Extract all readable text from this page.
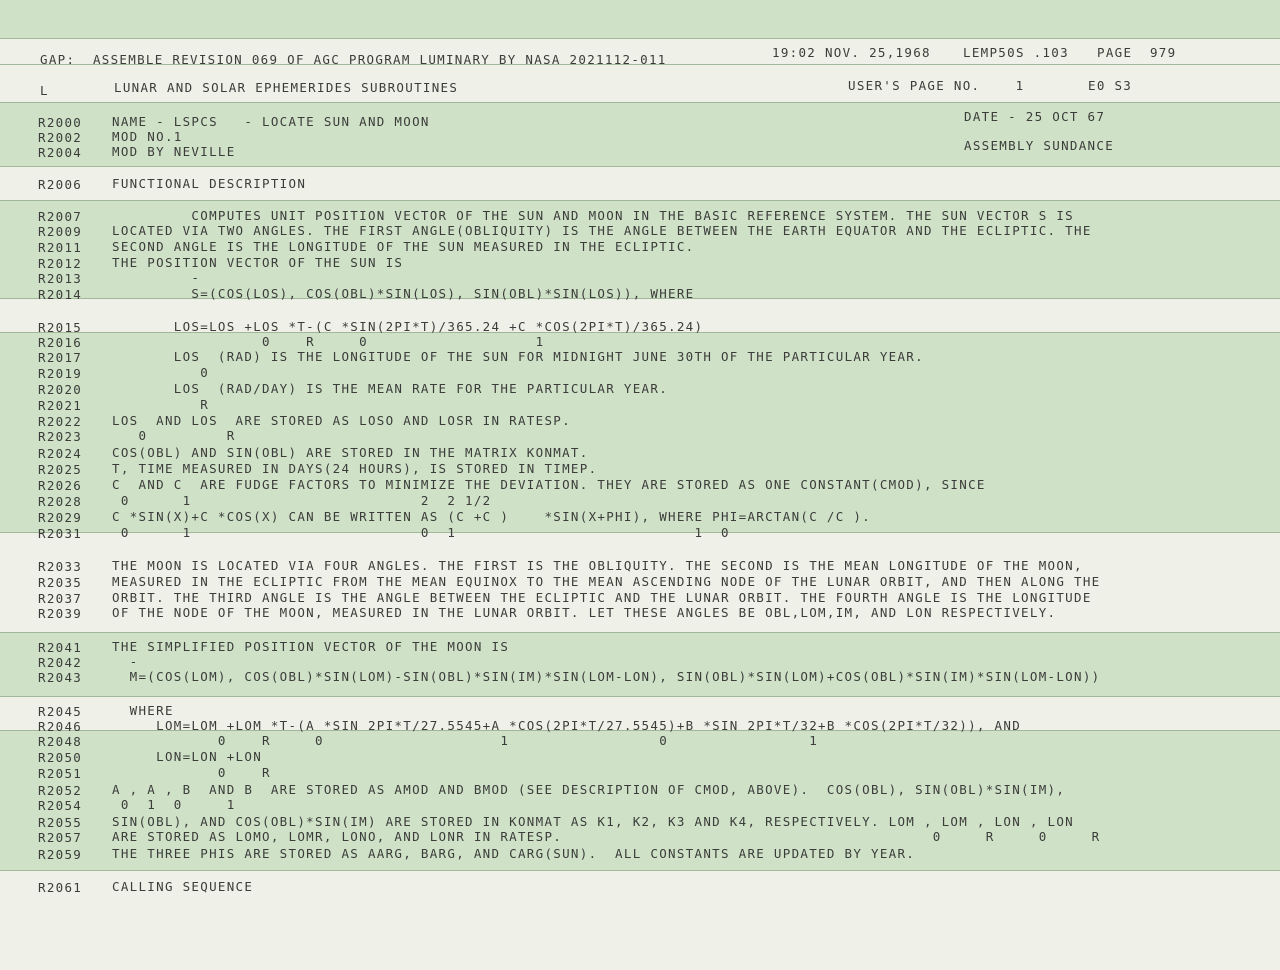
GAP:  ASSEMBLE REVISION 069 OF AGC PROGRAM LUMINARY BY NASA 2021112-011	19:02 NOV. 25,1968	LEMP50S .103 PAGE  979
L	LUNAR AND SOLAR EPHEMERIDES SUBROUTINES	USER'S PAGE NO.    1	E0 S3
DATE - 25 OCT 67
ASSEMBLY SUNDANCE
R2000 NAME - LSPCS   - LOCATE SUN AND MOON
R2002 MOD NO.1
R2004 MOD BY NEVILLE
R2006 FUNCTIONAL DESCRIPTION
R2007 COMPUTES UNIT POSITION VECTOR OF THE SUN AND MOON IN THE BASIC REFERENCE SYSTEM. THE SUN VECTOR S IS
R2009 LOCATED VIA TWO ANGLES. THE FIRST ANGLE(OBLIQUITY) IS THE ANGLE BETWEEN THE EARTH EQUATOR AND THE ECLIPTIC. THE
R2011 SECOND ANGLE IS THE LONGITUDE OF THE SUN MEASURED IN THE ECLIPTIC.
R2012 THE POSITION VECTOR OF THE SUN IS
R2013 -
R2014 S=(COS(LOS), COS(OBL)*SIN(LOS), SIN(OBL)*SIN(LOS)), WHERE
R2015 LOS=LOS +LOS *T-(C *SIN(2PI*T)/365.24 +C *COS(2PI*T)/365.24)
R2016 0    R     0                   1
R2017 LOS  (RAD) IS THE LONGITUDE OF THE SUN FOR MIDNIGHT JUNE 30TH OF THE PARTICULAR YEAR.
R2019 0
R2020 LOS  (RAD/DAY) IS THE MEAN RATE FOR THE PARTICULAR YEAR.
R2021 R
R2022 LOS  AND LOS  ARE STORED AS LOSO AND LOSR IN RATESP.
R2023 0         R
R2024 COS(OBL) AND SIN(OBL) ARE STORED IN THE MATRIX KONMAT.
R2025 T, TIME MEASURED IN DAYS(24 HOURS), IS STORED IN TIMEP.
R2026 C  AND C  ARE FUDGE FACTORS TO MINIMIZE THE DEVIATION. THEY ARE STORED AS ONE CONSTANT(CMOD), SINCE
R2028 0      1                          2  2 1/2
R2029 C *SIN(X)+C *COS(X) CAN BE WRITTEN AS (C +C )    *SIN(X+PHI), WHERE PHI=ARCTAN(C /C ).
R2031 0      1                          0  1                           1  0
R2033 THE MOON IS LOCATED VIA FOUR ANGLES. THE FIRST IS THE OBLIQUITY. THE SECOND IS THE MEAN LONGITUDE OF THE MOON,
R2035 MEASURED IN THE ECLIPTIC FROM THE MEAN EQUINOX TO THE MEAN ASCENDING NODE OF THE LUNAR ORBIT, AND THEN ALONG THE
R2037 ORBIT. THE THIRD ANGLE IS THE ANGLE BETWEEN THE ECLIPTIC AND THE LUNAR ORBIT. THE FOURTH ANGLE IS THE LONGITUDE
R2039 OF THE NODE OF THE MOON, MEASURED IN THE LUNAR ORBIT. LET THESE ANGLES BE OBL,LOM,IM, AND LON RESPECTIVELY.
R2041 THE SIMPLIFIED POSITION VECTOR OF THE MOON IS
R2042 -
R2043 M=(COS(LOM), COS(OBL)*SIN(LOM)-SIN(OBL)*SIN(IM)*SIN(LOM-LON), SIN(OBL)*SIN(LOM)+COS(OBL)*SIN(IM)*SIN(LOM-LON))
R2045 WHERE
R2046 LOM=LOM +LOM *T-(A *SIN 2PI*T/27.5545+A *COS(2PI*T/27.5545)+B *SIN 2PI*T/32+B *COS(2PI*T/32)), AND
R2048 0    R     0                    1                 0                1
R2050 LON=LON +LON
R2051 0    R
R2052 A , A , B  AND B  ARE STORED AS AMOD AND BMOD (SEE DESCRIPTION OF CMOD, ABOVE).  COS(OBL), SIN(OBL)*SIN(IM),
R2054 0  1  0     1
R2055 SIN(OBL), AND COS(OBL)*SIN(IM) ARE STORED IN KONMAT AS K1, K2, K3 AND K4, RESPECTIVELY. LOM , LOM , LON , LON
R2057 ARE STORED AS LOMO, LOMR, LONO, AND LONR IN RATESP.                                          0     R     0     R
R2059 THE THREE PHIS ARE STORED AS AARG, BARG, AND CARG(SUN).  ALL CONSTANTS ARE UPDATED BY YEAR.
R2061 CALLING SEQUENCE
